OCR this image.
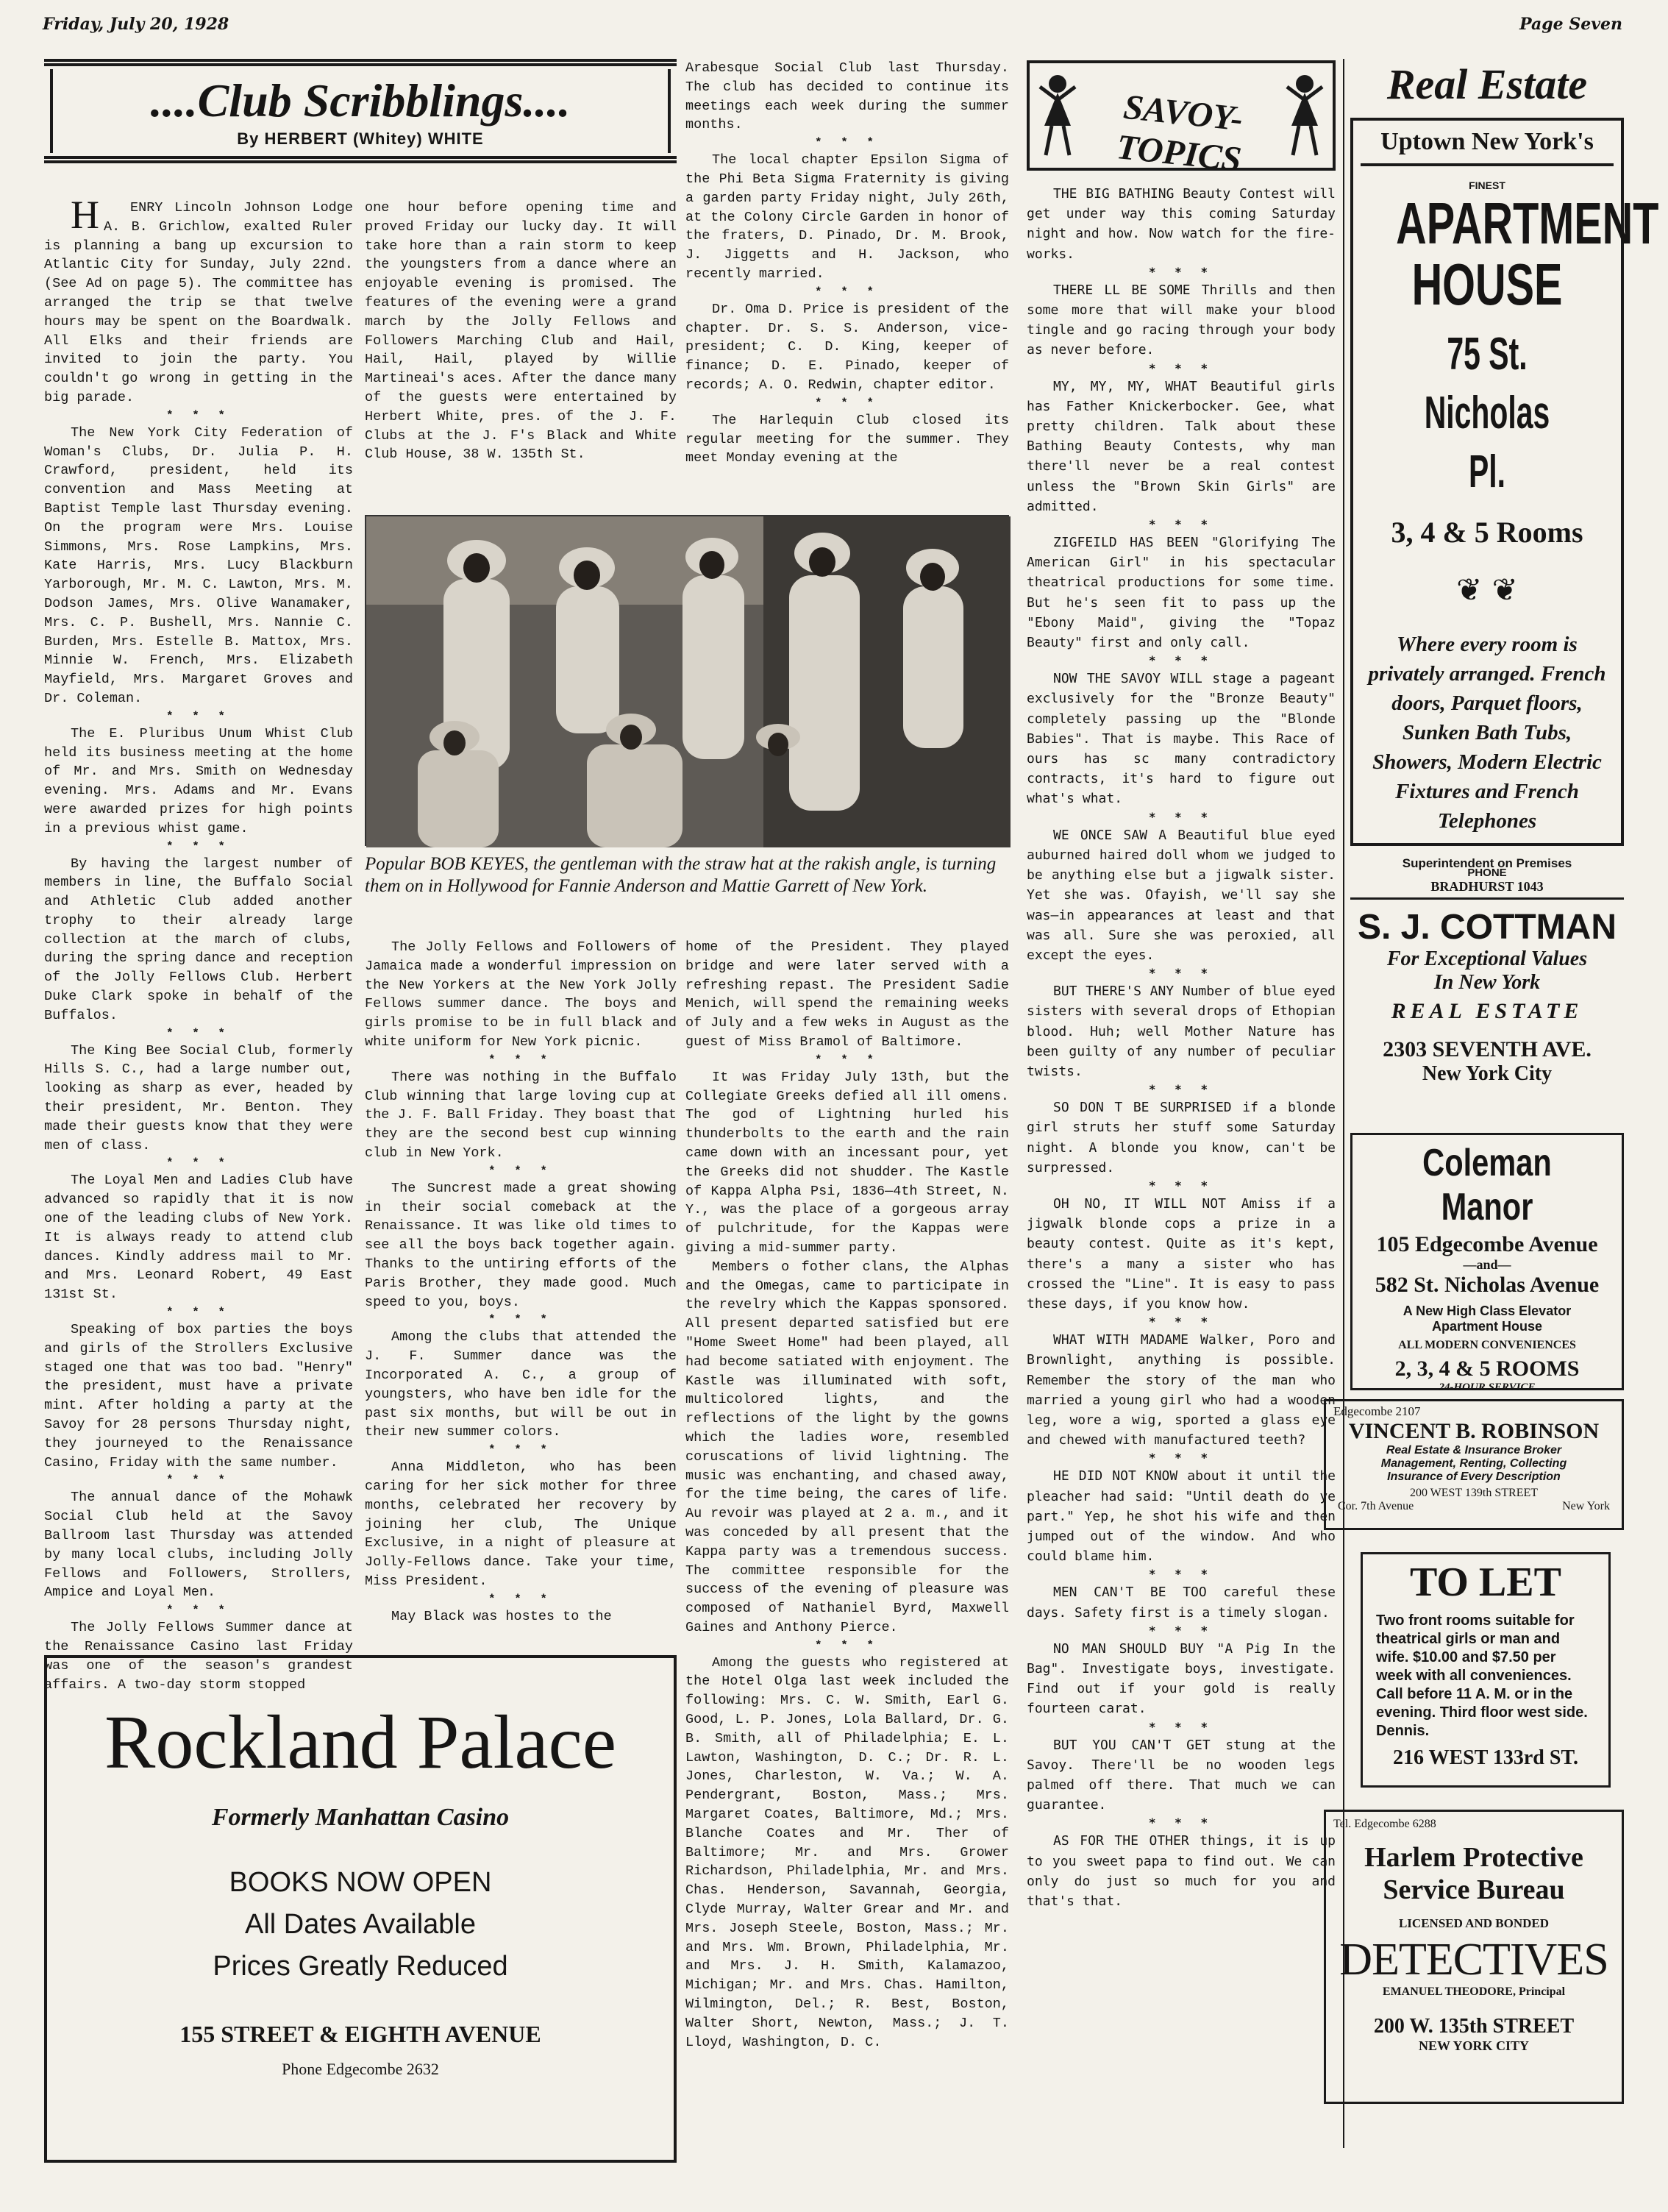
Friday, July 20, 1928	Page Seven
....Club Scribblings....
By HERBERT (Whitey) WHITE

HENRY Lincoln Johnson Lodge A. B. Grichlow, exalted Ruler is planning a bang up excursion to Atlantic City for Sunday, July 22nd. (See Ad on page 5). The committee has arranged the trip se that twelve hours may be spent on the Boardwalk. All Elks and their friends are invited to join the party. You couldn't go wrong in getting in the big parade.

* * *

The New York City Federation of Woman's Clubs, Dr. Julia P. H. Crawford, president, held its convention and Mass Meeting at Baptist Temple last Thursday evening. On the program were Mrs. Louise Simmons, Mrs. Rose Lampkins, Mrs. Kate Harris, Mrs. Lucy Blackburn Yarborough, Mr. M. C. Lawton, Mrs. M. Dodson James, Mrs. Olive Wanamaker, Mrs. C. P. Bushell, Mrs. Nannie C. Burden, Mrs. Estelle B. Mattox, Mrs. Minnie W. French, Mrs. Elizabeth Mayfield, Mrs. Margaret Groves and Dr. Coleman.

* * *

The E. Pluribus Unum Whist Club held its business meeting at the home of Mr. and Mrs. Smith on Wednesday evening. Mrs. Adams and Mr. Evans were awarded prizes for high points in a previous whist game.

* * *

By having the largest number of members in line, the Buffalo Social and Athletic Club added another trophy to their already large collection at the march of clubs, during the spring dance and reception of the Jolly Fellows Club. Herbert Duke Clark spoke in behalf of the Buffalos.

* * *

The King Bee Social Club, formerly Hills S. C., had a large number out, looking as sharp as ever, headed by their president, Mr. Benton. They made their guests know that they were men of class.

* * *

The Loyal Men and Ladies Club have advanced so rapidly that it is now one of the leading clubs of New York. It is always ready to attend club dances. Kindly address mail to Mr. and Mrs. Leonard Robert, 49 East 131st St.

* * *

Speaking of box parties the boys and girls of the Strollers Exclusive staged one that was too bad. "Henry" the president, must have a private mint. After holding a party at the Savoy for 28 persons Thursday night, they journeyed to the Renaissance Casino, Friday with the same number.

* * *

The annual dance of the Mohawk Social Club held at the Savoy Ballroom last Thursday was attended by many local clubs, including Jolly Fellows and Followers, Strollers, Ampice and Loyal Men.

* * *

The Jolly Fellows Summer dance at the Renaissance Casino last Friday was one of the season's grandest affairs. A two-day storm stopped

one hour before opening time and proved Friday our lucky day. It will take hore than a rain storm to keep the youngsters from a dance where an enjoyable evening is promised. The features of the evening were a grand march by the Jolly Fellows and Followers Marching Club and Hail, Hail, Hail, played by Willie Martineai's aces. After the dance many of the guests were entertained by Herbert White, pres. of the J. F. Clubs at the J. F's Black and White Club House, 38 W. 135th St.

Arabesque Social Club last Thursday. The club has decided to continue its meetings each week during the summer months.

* * *

The local chapter Epsilon Sigma of the Phi Beta Sigma Fraternity is giving a garden party Friday night, July 26th, at the Colony Circle Garden in honor of the fraters, D. Pinado, Dr. M. Brook, J. Jiggetts and H. Jackson, who recently married.

* * *

Dr. Oma D. Price is president of the chapter. Dr. S. S. Anderson, vice-president; C. D. King, keeper of finance; D. E. Pinado, keeper of records; A. O. Redwin, chapter editor.

* * *

The Harlequin Club closed its regular meeting for the summer. They meet Monday evening at the

Popular BOB KEYES, the gentleman with the straw hat at the rakish angle, is turning them on in Hollywood for Fannie Anderson and Mattie Garrett of New York.

The Jolly Fellows and Followers of Jamaica made a wonderful impression on the New Yorkers at the New York Jolly Fellows summer dance. The boys and girls promise to be in full black and white uniform for New York picnic.

* * *

There was nothing in the Buffalo Club winning that large loving cup at the J. F. Ball Friday. They boast that they are the second best cup winning club in New York.

* * *

The Suncrest made a great showing in their social comeback at the Renaissance. It was like old times to see all the boys back together again. Thanks to the untiring efforts of the Paris Brother, they made good. Much speed to you, boys.

* * *

Among the clubs that attended the J. F. Summer dance was the Incorporated A. C., a group of youngsters, who have ben idle for the past six months, but will be out in their new summer colors.

* * *

Anna Middleton, who has been caring for her sick mother for three months, celebrated her recovery by joining her club, The Unique Exclusive, in a night of pleasure at Jolly-Fellows dance. Take your time, Miss President.

* * *

May Black was hostes to the

home of the President. They played bridge and were later served with a refreshing repast. The President Sadie Menich, will spend the remaining weeks of July and a few weks in August as the guest of Miss Bramol of Baltimore.

* * *

It was Friday July 13th, but the Collegiate Greeks defied all ill omens. The god of Lightning hurled his thunderbolts to the earth and the rain came down with an incessant pour, yet the Greeks did not shudder. The Kastle of Kappa Alpha Psi, 1836—4th Street, N. Y., was the place of a gorgeous array of pulchritude, for the Kappas were giving a mid-summer party.

Members o fother clans, the Alphas and the Omegas, came to participate in the revelry which the Kappas sponsored. All present departed satisfied but ere "Home Sweet Home" had been played, all had become satiated with enjoyment. The Kastle was illuminated with soft, multicolored lights, and the reflections of the light by the gowns which the ladies wore, resembled coruscations of livid lightning. The music was enchanting, and chased away, for the time being, the cares of life. Au revoir was played at 2 a. m., and it was conceded by all present that the Kappa party was a tremendous success. The committee responsible for the success of the evening of pleasure was composed of Nathaniel Byrd, Maxwell Gaines and Anthony Pierce.

* * *

Among the guests who registered at the Hotel Olga last week included the following: Mrs. C. W. Smith, Earl G. Good, L. P. Jones, Lola Ballard, Dr. G. B. Smith, all of Philadelphia; E. L. Lawton, Washington, D. C.; Dr. R. L. Jones, Charleston, W. Va.; W. A. Pendergrant, Boston, Mass.; Mrs. Margaret Coates, Baltimore, Md.; Mrs. Blanche Coates and Mr. Ther of Baltimore; Mr. and Mrs. Grower Richardson, Philadelphia, Mr. and Mrs. Chas. Henderson, Savannah, Georgia, Clyde Murray, Walter Grear and Mr. and Mrs. Joseph Steele, Boston, Mass.; Mr. and Mrs. Wm. Brown, Philadelphia, Mr. and Mrs. J. H. Smith, Kalamazoo, Michigan; Mr. and Mrs. Chas. Hamilton, Wilmington, Del.; R. Best, Boston, Walter Short, Newton, Mass.; J. T. Lloyd, Washington, D. C.

Rockland Palace
Formerly Manhattan Casino
BOOKS NOW OPEN
All Dates Available
Prices Greatly Reduced
155 STREET & EIGHTH AVENUE
Phone Edgecombe 2632
SAVOY-TOPICS

THE BIG BATHING Beauty Contest will get under way this coming Saturday night and how. Now watch for the fire-works.

* * *

THERE LL BE SOME Thrills and then some more that will make your blood tingle and go racing through your body as never before.

* * *

MY, MY, MY, WHAT Beautiful girls has Father Knickerbocker. Gee, what pretty children. Talk about these Bathing Beauty Contests, why man there'll never be a real contest unless the "Brown Skin Girls" are admitted.

* * *

ZIGFEILD HAS BEEN "Glorifying The American Girl" in his spectacular theatrical productions for some time. But he's seen fit to pass up the "Ebony Maid", giving the "Topaz Beauty" first and only call.

* * *

NOW THE SAVOY WILL stage a pageant exclusively for the "Bronze Beauty" completely passing up the "Blonde Babies". That is maybe. This Race of ours has sc many contradictory contracts, it's hard to figure out what's what.

* * *

WE ONCE SAW A Beautiful blue eyed auburned haired doll whom we judged to be anything else but a jigwalk sister. Yet she was. Ofayish, we'll say she was—in appearances at least and that was all. Sure she was peroxied, all except the eyes.

* * *

BUT THERE'S ANY Number of blue eyed sisters with several drops of Ethopian blood. Huh; well Mother Nature has been guilty of any number of peculiar twists.

* * *

SO DON T BE SURPRISED if a blonde girl struts her stuff some Saturday night. A blonde you know, can't be surpressed.

* * *

OH NO, IT WILL NOT Amiss if a jigwalk blonde cops a prize in a beauty contest. Quite as it's kept, there's a many a sister who has crossed the "Line". It is easy to pass these days, if you know how.

* * *

WHAT WITH MADAME Walker, Poro and Brownlight, anything is possible. Remember the story of the man who married a young girl who had a wooden leg, wore a wig, sported a glass eye and chewed with manufactured teeth?

* * *

HE DID NOT KNOW about it until the pleacher had said: "Until death do ye part." Yep, he shot his wife and then jumped out of the window. And who could blame him.

* * *

MEN CAN'T BE TOO careful these days. Safety first is a timely slogan.

* * *

NO MAN SHOULD BUY "A Pig In the Bag". Investigate boys, investigate. Find out if your gold is really fourteen carat.

* * *

BUT YOU CAN'T GET stung at the Savoy. There'll be no wooden legs palmed off there. That much we can guarantee.

* * *

AS FOR THE OTHER things, it is up to you sweet papa to find out. We can only do just so much for you and that's that.

Real Estate
Uptown New York's
FINEST
APARTMENT
HOUSE
75 St. Nicholas Pl.
3, 4 & 5 Rooms
❦ ❦
Where every room is privately arranged. French doors, Parquet floors, Sunken Bath Tubs, Showers, Modern Electric Fixtures and French Telephones
Superintendent on Premises
PHONE
BRADHURST 1043
S. J. COTTMAN
For Exceptional Values
In New York
REAL ESTATE
2303 SEVENTH AVE.
New York City
Coleman Manor
105 Edgecombe Avenue
—and—
582 St. Nicholas Avenue
A New High Class Elevator
Apartment House
ALL MODERN CONVENIENCES
2, 3, 4 & 5 ROOMS
24-HOUR SERVICE
Edgecombe 2107
VINCENT B. ROBINSON
Real Estate & Insurance Broker
Management, Renting, Collecting
Insurance of Every Description
200 WEST 139th STREET
Cor. 7th Avenue	New York
TO LET
Two front rooms suitable for theatrical girls or man and wife. $10.00 and $7.50 per week with all conveniences. Call before 11 A. M. or in the evening. Third floor west side. Dennis.
216 WEST 133rd ST.
Tel. Edgecombe 6288
Harlem Protective
Service Bureau
LICENSED AND BONDED
DETECTIVES
EMANUEL THEODORE, Principal
200 W. 135th STREET
NEW YORK CITY
